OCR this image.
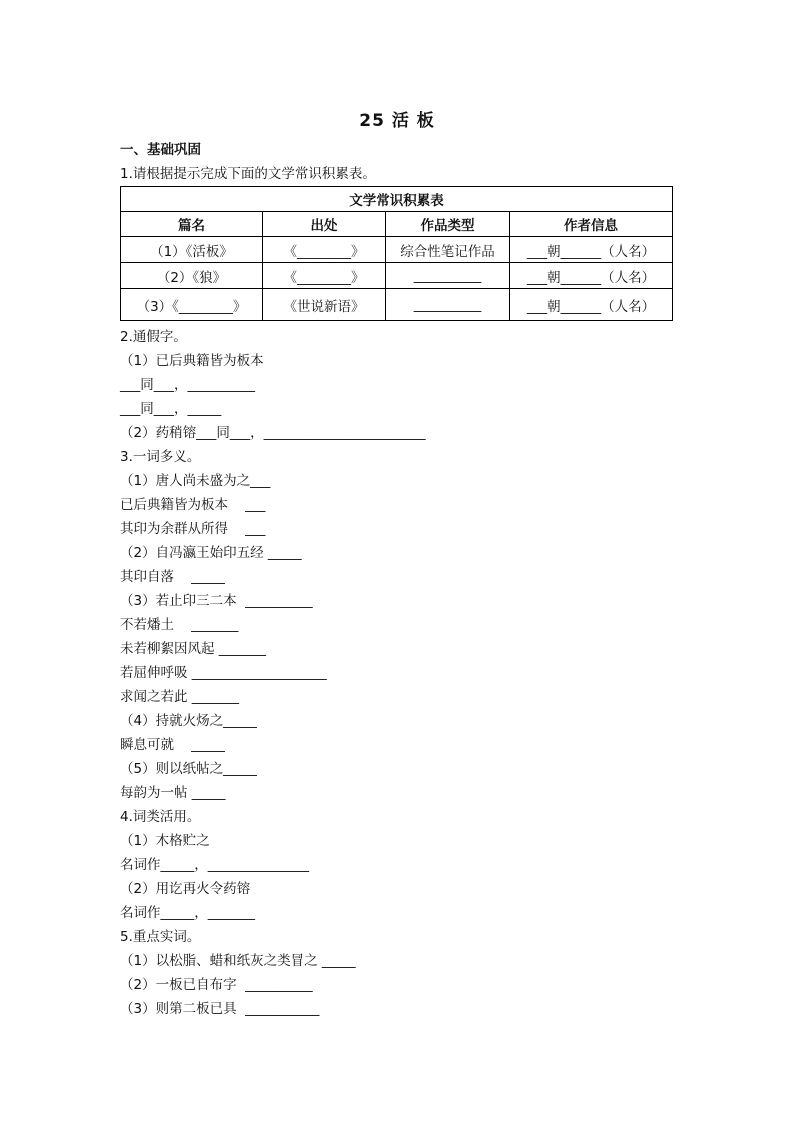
25 活 板
一、基础巩固
1.请根据提示完成下面的文学常识积累表。
文学常识积累表			
篇名	出处	作品类型	作者信息
（1）《活板》	《________》	综合性笔记作品	___朝______（人名）
（2）《狼》	《________》	__________	___朝______（人名）
（3）《________》	《世说新语》	__________	___朝______（人名）
2.通假字。
（1）已后典籍皆为板本
___同___，__________
___同___，_____
（2）药稍镕___同___，________________________
3.一词多义。
（1）唐人尚未盛为之___
已后典籍皆为板本    ___
其印为余群从所得    ___
（2）自冯瀛王始印五经 _____
其印自落    _____
（3）若止印三二本  __________
不若燔土    _______
未若柳絮因风起 _______
若屈伸呼吸 ____________________
求闻之若此 _______
（4）持就火炀之_____
瞬息可就    _____
（5）则以纸帖之_____
每韵为一帖 _____
4.词类活用。
（1）木格贮之
名词作_____，_______________
（2）用讫再火令药镕
名词作_____，_______
5.重点实词。
（1）以松脂、蜡和纸灰之类冒之 _____
（2）一板已自布字  __________
（3）则第二板已具  ___________
